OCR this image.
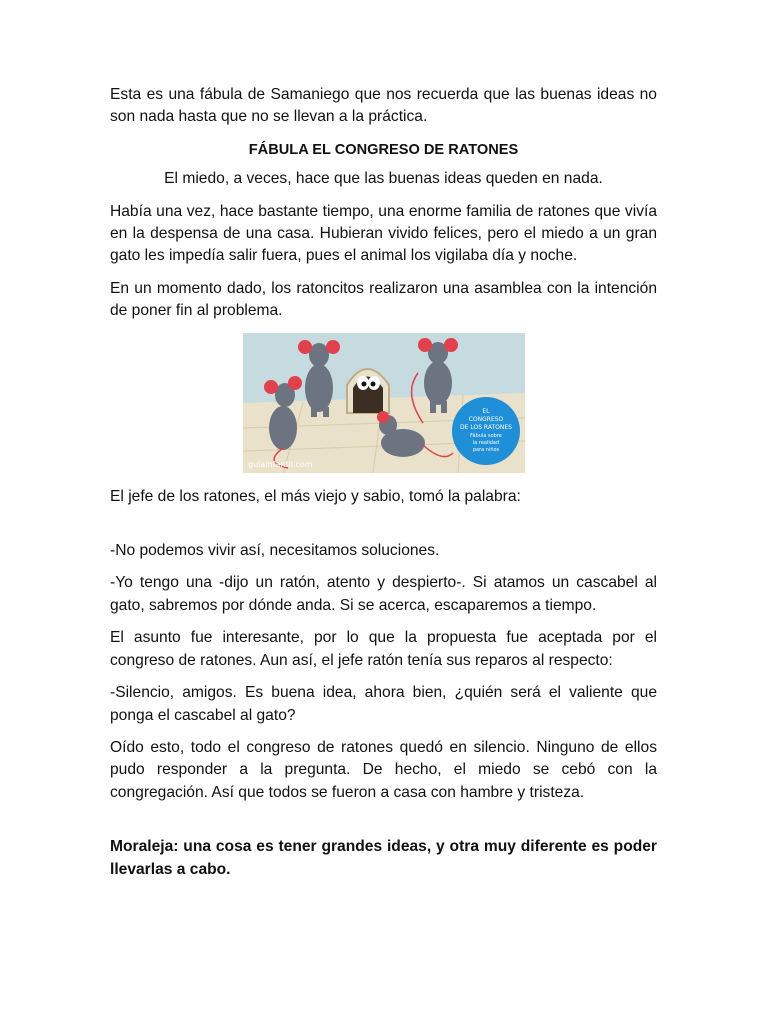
Esta es una fábula de Samaniego que nos recuerda que las buenas ideas no son nada hasta que no se llevan a la práctica.

FÁBULA EL CONGRESO DE RATONES

El miedo, a veces, hace que las buenas ideas queden en nada.

Había una vez, hace bastante tiempo, una enorme familia de ratones que vivía en la despensa de una casa. Hubieran vivido felices, pero el miedo a un gran gato les impedía salir fuera, pues el animal los vigilaba día y noche.

En un momento dado, los ratoncitos realizaron una asamblea con la intención de poner fin al problema.

EL
CONGRESO
DE LOS RATONES
Fábula sobre
la realidad
para niños
guiainfantil.com

El jefe de los ratones, el más viejo y sabio, tomó la palabra:

-No podemos vivir así, necesitamos soluciones.

-Yo tengo una -dijo un ratón, atento y despierto-. Si atamos un cascabel al gato, sabremos por dónde anda. Si se acerca, escaparemos a tiempo.

El asunto fue interesante, por lo que la propuesta fue aceptada por el congreso de ratones. Aun así, el jefe ratón tenía sus reparos al respecto:

-Silencio, amigos. Es buena idea, ahora bien, ¿quién será el valiente que ponga el cascabel al gato?

Oído esto, todo el congreso de ratones quedó en silencio. Ninguno de ellos pudo responder a la pregunta. De hecho, el miedo se cebó con la congregación. Así que todos se fueron a casa con hambre y tristeza.

Moraleja: una cosa es tener grandes ideas, y otra muy diferente es poder llevarlas a cabo.
